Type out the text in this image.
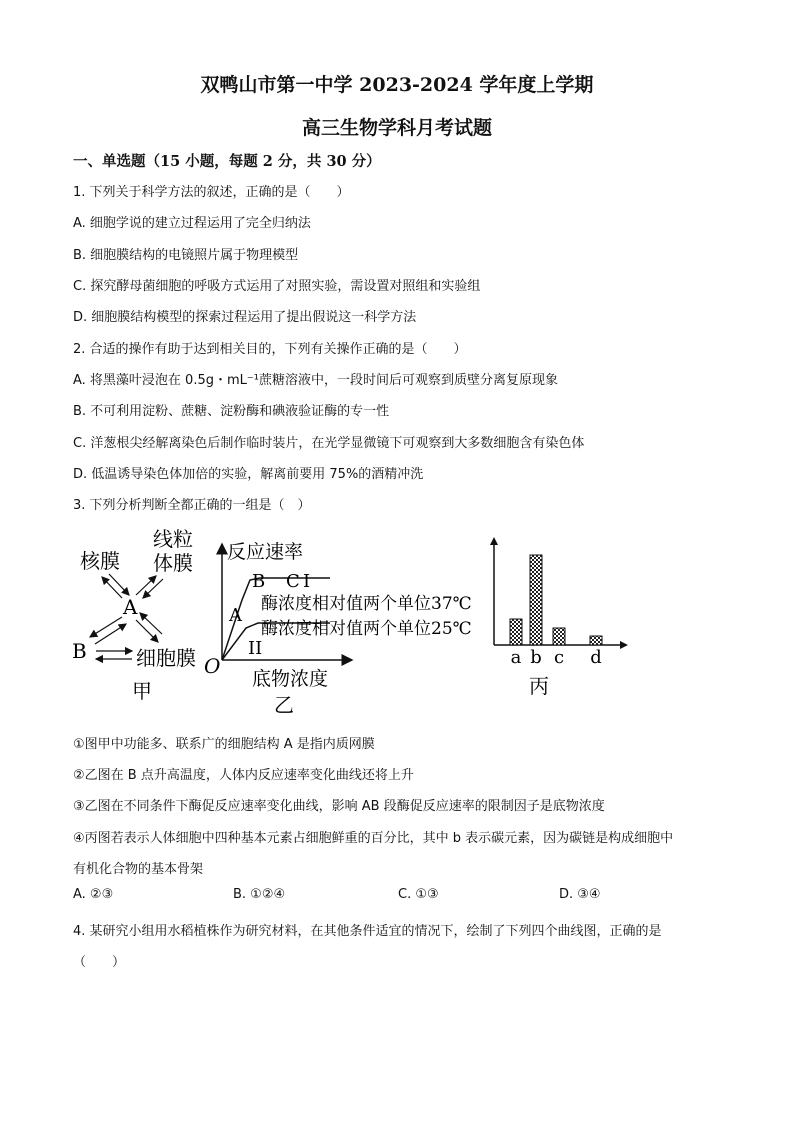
双鸭山市第一中学 2023-2024 学年度上学期
高三生物学科月考试题
一、单选题（15 小题，每题 2 分，共 30 分）
1. 下列关于科学方法的叙述，正确的是（　　）
A. 细胞学说的建立过程运用了完全归纳法
B. 细胞膜结构的电镜照片属于物理模型
C. 探究酵母菌细胞的呼吸方式运用了对照实验，需设置对照组和实验组
D. 细胞膜结构模型的探索过程运用了提出假说这一科学方法
2. 合适的操作有助于达到相关目的，下列有关操作正确的是（　　）
A. 将黑藻叶浸泡在 0.5g・mL⁻¹蔗糖溶液中，一段时间后可观察到质壁分离复原现象
B. 不可利用淀粉、蔗糖、淀粉酶和碘液验证酶的专一性
C. 洋葱根尖经解离染色后制作临时装片，在光学显微镜下可观察到大多数细胞含有染色体
D. 低温诱导染色体加倍的实验，解离前要用 75%的酒精冲洗
3. 下列分析判断全都正确的一组是（　）
核膜
线粒
体膜
A
B 细胞膜
甲
反应速率
O
底物浓度
A
B C I
II
酶浓度相对值两个单位37℃
酶浓度相对值两个单位25℃
乙
a b c d
丙
①图甲中功能多、联系广的细胞结构 A 是指内质网膜
②乙图在 B 点升高温度，人体内反应速率变化曲线还将上升
③乙图在不同条件下酶促反应速率变化曲线，影响 AB 段酶促反应速率的限制因子是底物浓度
④丙图若表示人体细胞中四种基本元素占细胞鲜重的百分比，其中 b 表示碳元素，因为碳链是构成细胞中
有机化合物的基本骨架
A. ②③	B. ①②④	C. ①③	D. ③④
4. 某研究小组用水稻植株作为研究材料，在其他条件适宜的情况下，绘制了下列四个曲线图，正确的是
（　　）
